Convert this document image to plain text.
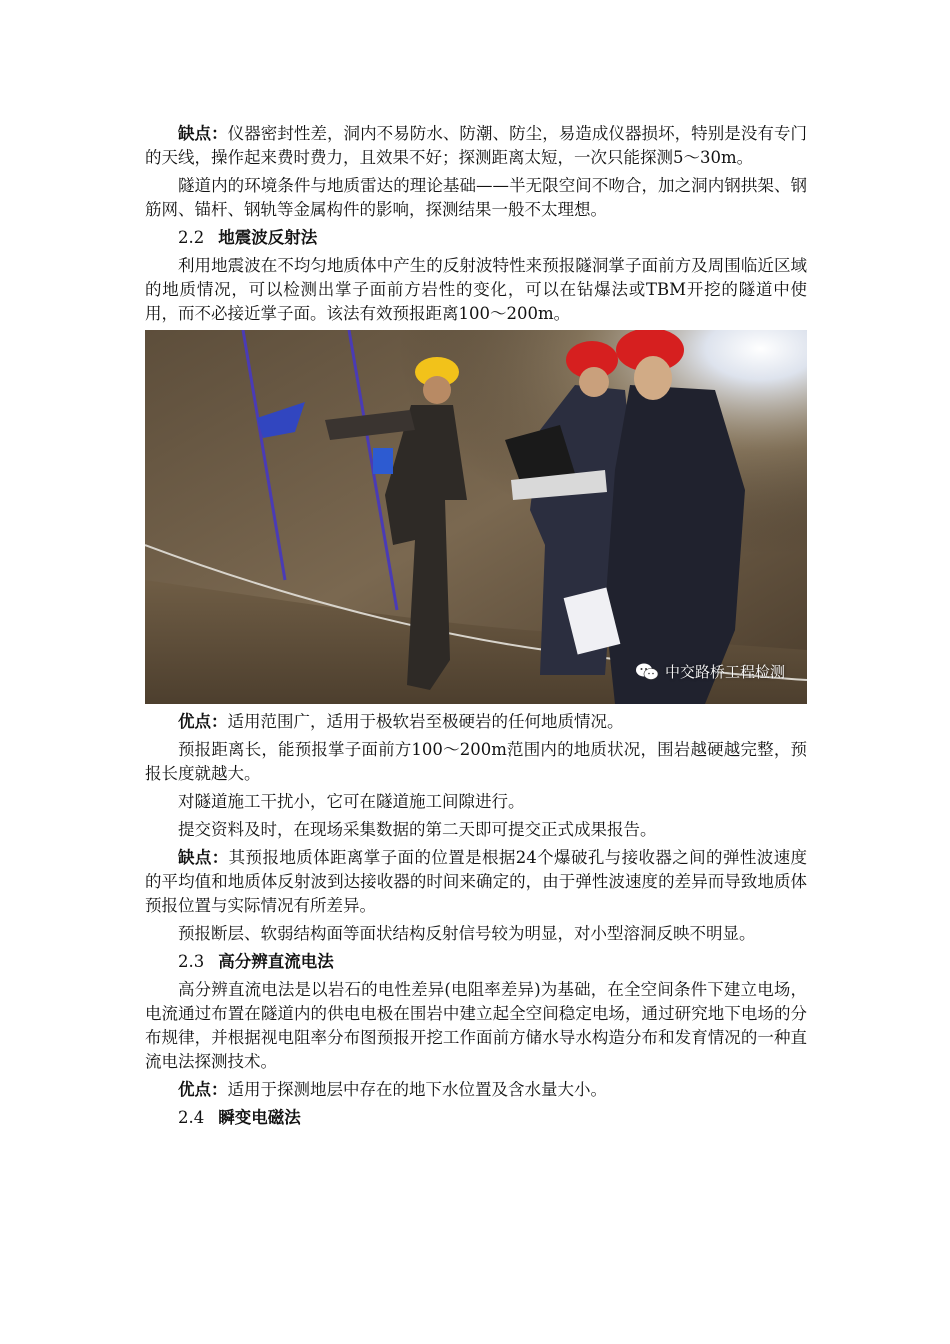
缺点：仪器密封性差，洞内不易防水、防潮、防尘，易造成仪器损坏，特别是没有专门的天线，操作起来费时费力，且效果不好；探测距离太短，一次只能探测5～30m。

隧道内的环境条件与地质雷达的理论基础——半无限空间不吻合，加之洞内钢拱架、钢筋网、锚杆、钢轨等金属构件的影响，探测结果一般不太理想。

2.2 地震波反射法

利用地震波在不均匀地质体中产生的反射波特性来预报隧洞掌子面前方及周围临近区域的地质情况，可以检测出掌子面前方岩性的变化，可以在钻爆法或TBM开挖的隧道中使用，而不必接近掌子面。该法有效预报距离100～200m。

中交路桥工程检测

优点：适用范围广，适用于极软岩至极硬岩的任何地质情况。

预报距离长，能预报掌子面前方100～200m范围内的地质状况，围岩越硬越完整，预报长度就越大。

对隧道施工干扰小，它可在隧道施工间隙进行。

提交资料及时，在现场采集数据的第二天即可提交正式成果报告。

缺点：其预报地质体距离掌子面的位置是根据24个爆破孔与接收器之间的弹性波速度的平均值和地质体反射波到达接收器的时间来确定的，由于弹性波速度的差异而导致地质体预报位置与实际情况有所差异。

预报断层、软弱结构面等面状结构反射信号较为明显，对小型溶洞反映不明显。

2.3 高分辨直流电法

高分辨直流电法是以岩石的电性差异(电阻率差异)为基础，在全空间条件下建立电场，电流通过布置在隧道内的供电电极在围岩中建立起全空间稳定电场，通过研究地下电场的分布规律，并根据视电阻率分布图预报开挖工作面前方储水导水构造分布和发育情况的一种直流电法探测技术。

优点：适用于探测地层中存在的地下水位置及含水量大小。

2.4 瞬变电磁法
